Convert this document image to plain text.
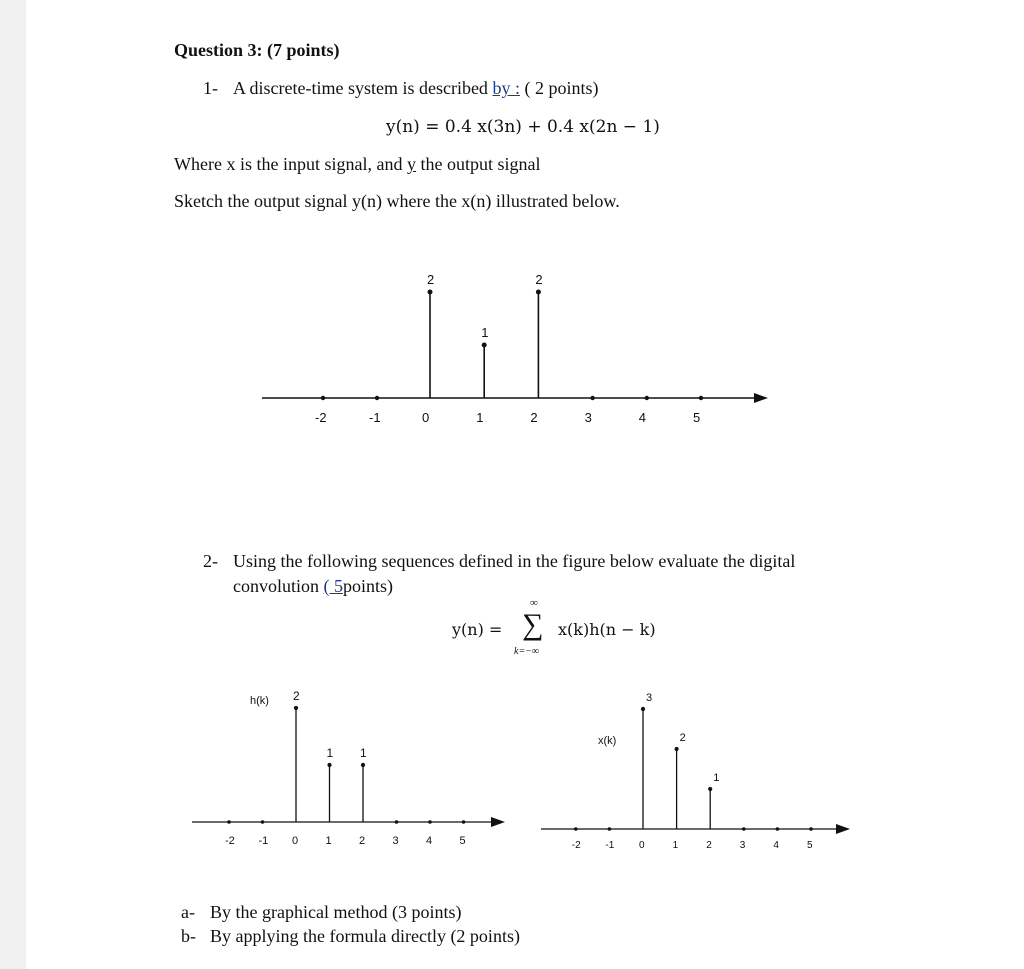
Question 3: (7 points)
1- A discrete-time system is described by : ( 2 points)
y(n) = 0.4 x(3n) + 0.4 x(2n − 1)
Where x is the input signal, and y the output signal
Sketch the output signal y(n) where the x(n) illustrated below.
2- Using the following sequences defined in the figure below evaluate the digital
convolution ( 5points)
y(n) =
∞
∑
k=−∞
x(k)h(n − k)
a- By the graphical method (3 points)
b- By applying the formula directly (2 points)
-2	-1	0	1	2	3	4	5
2
1
2
-2 -1 0 1 2 3 4 5
2
1 1
h(k)
-2 -1 0	1	2	3	4	5
3
2
1
x(k)
